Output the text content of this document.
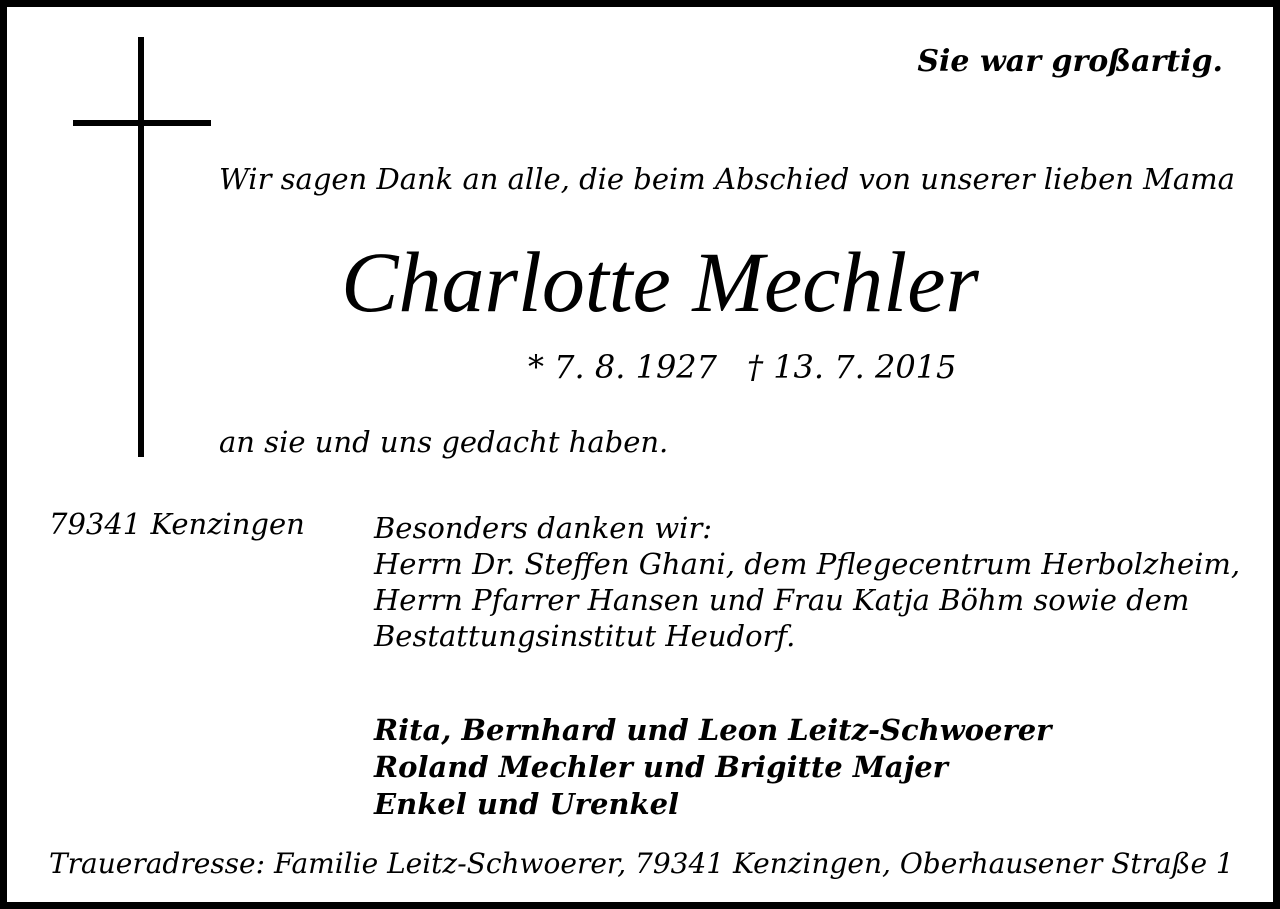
Sie war großartig.
Wir sagen Dank an alle, die beim Abschied von unserer lieben Mama
Charlotte Mechler
* 7. 8. 1927 † 13. 7. 2015
an sie und uns gedacht haben.
79341 Kenzingen Besonders danken wir:
Herrn Dr. Steffen Ghani, dem Pflegecentrum Herbolzheim,
Herrn Pfarrer Hansen und Frau Katja Böhm sowie dem
Bestattungsinstitut Heudorf.
Rita, Bernhard und Leon Leitz-Schwoerer
Roland Mechler und Brigitte Majer
Enkel und Urenkel
Traueradresse: Familie Leitz-Schwoerer, 79341 Kenzingen, Oberhausener Straße 1
